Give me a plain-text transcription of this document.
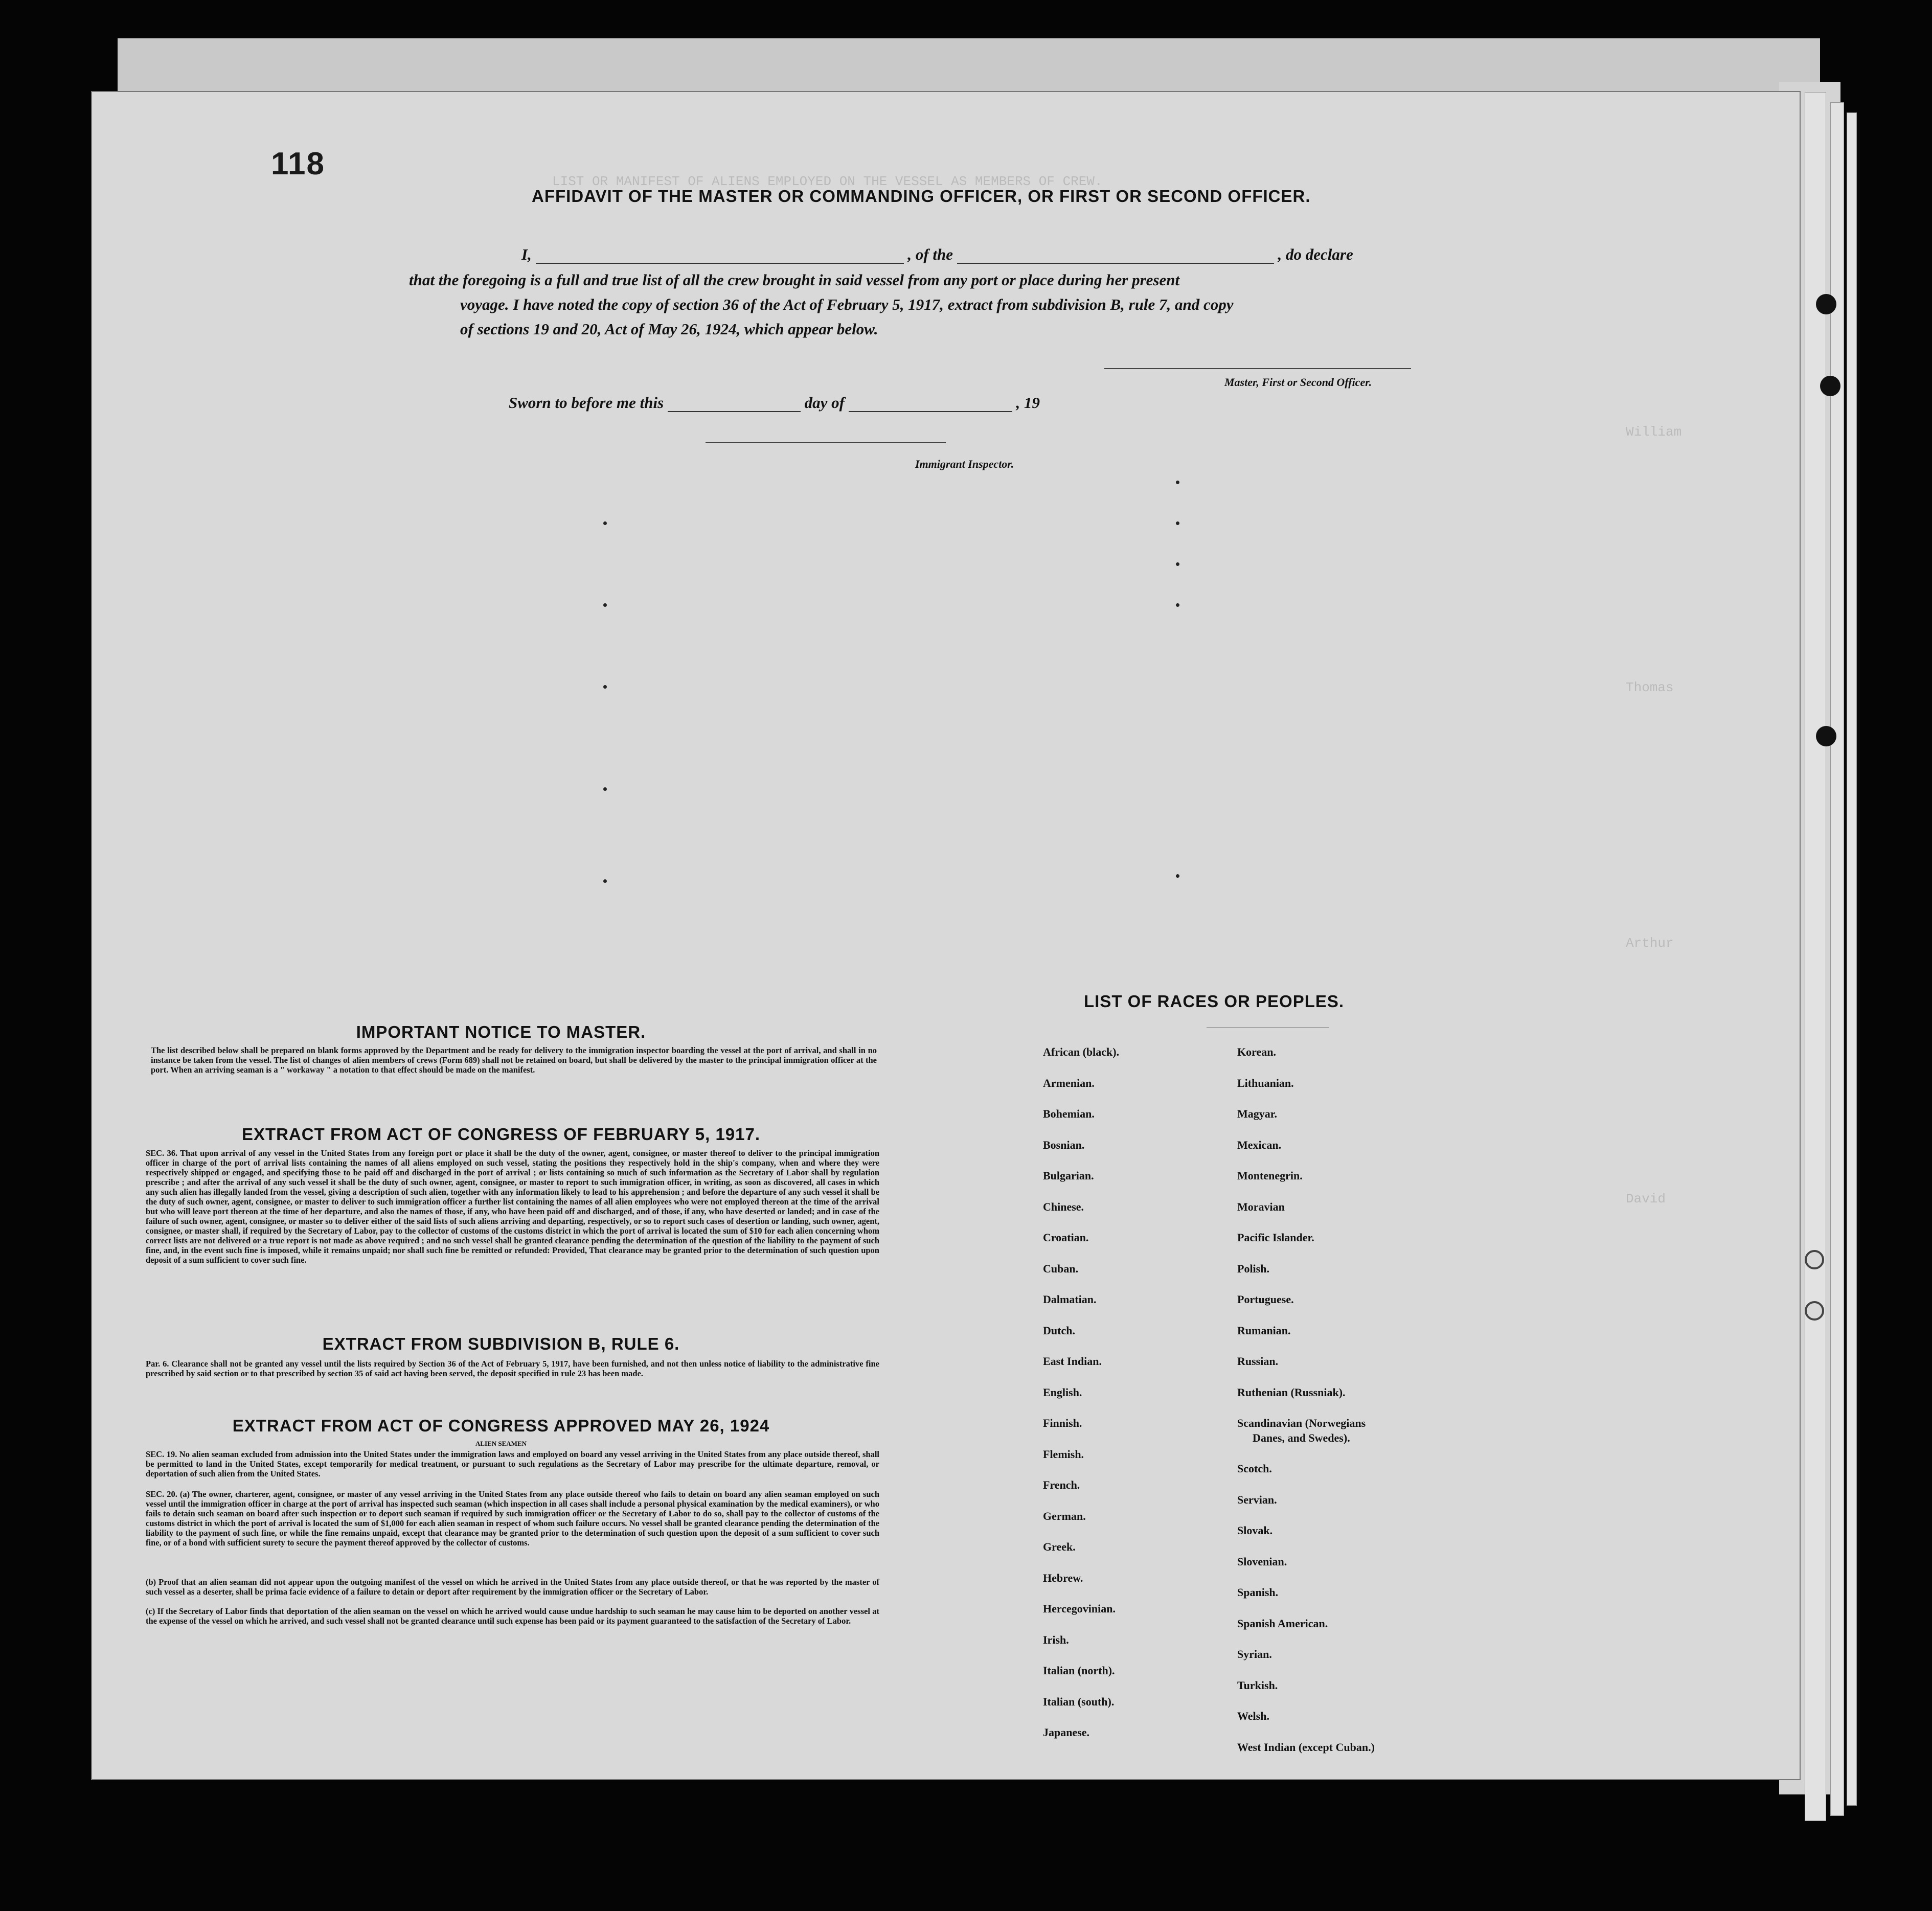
LIST OR MANIFEST OF ALIENS EMPLOYED ON THE VESSEL AS MEMBERS OF CREW.
William
Thomas
Arthur
David
118
AFFIDAVIT OF THE MASTER OR COMMANDING OFFICER, OR FIRST OR SECOND OFFICER.
I,	, of the	, do declare
that the foregoing is a full and true list of all the crew brought in said vessel from any port or place during her present
voyage. I have noted the copy of section 36 of the Act of February 5, 1917, extract from subdivision B, rule 7, and copy
of sections 19 and 20, Act of May 26, 1924, which appear below.
Master, First or Second Officer.
Sworn to before me this	day of	, 19
Immigrant Inspector.
IMPORTANT NOTICE TO MASTER.
The list described below shall be prepared on blank forms approved by the Department and be ready for delivery to the immigration inspector boarding the vessel at the port of arrival, and shall in no instance be taken from the vessel. The list of changes of alien members of crews (Form 689) shall not be retained on board, but shall be delivered by the master to the principal immigration officer at the port. When an arriving seaman is a " workaway " a notation to that effect should be made on the manifest.
EXTRACT FROM ACT OF CONGRESS OF FEBRUARY 5, 1917.
SEC. 36. That upon arrival of any vessel in the United States from any foreign port or place it shall be the duty of the owner, agent, consignee, or master thereof to deliver to the principal immigration officer in charge of the port of arrival lists containing the names of all aliens employed on such vessel, stating the positions they respectively hold in the ship's company, when and where they were respectively shipped or engaged, and specifying those to be paid off and discharged in the port of arrival ; or lists containing so much of such information as the Secretary of Labor shall by regulation prescribe ; and after the arrival of any such vessel it shall be the duty of such owner, agent, consignee, or master to report to such immigration officer, in writing, as soon as discovered, all cases in which any such alien has illegally landed from the vessel, giving a description of such alien, together with any information likely to lead to his apprehension ; and before the departure of any such vessel it shall be the duty of such owner, agent, consignee, or master to deliver to such immigration officer a further list containing the names of all alien employees who were not employed thereon at the time of the arrival but who will leave port thereon at the time of her departure, and also the names of those, if any, who have been paid off and discharged, and of those, if any, who have deserted or landed; and in case of the failure of such owner, agent, consignee, or master so to deliver either of the said lists of such aliens arriving and departing, respectively, or so to report such cases of desertion or landing, such owner, agent, consignee, or master shall, if required by the Secretary of Labor, pay to the collector of customs of the customs district in which the port of arrival is located the sum of $10 for each alien concerning whom correct lists are not delivered or a true report is not made as above required ; and no such vessel shall be granted clearance pending the determination of the question of the liability to the payment of such fine, and, in the event such fine is imposed, while it remains unpaid; nor shall such fine be remitted or refunded: Provided, That clearance may be granted prior to the determination of such question upon deposit of a sum sufficient to cover such fine.
EXTRACT FROM SUBDIVISION B, RULE 6.
Par. 6. Clearance shall not be granted any vessel until the lists required by Section 36 of the Act of February 5, 1917, have been furnished, and not then unless notice of liability to the administrative fine prescribed by said section or to that prescribed by section 35 of said act having been served, the deposit specified in rule 23 has been made.
EXTRACT FROM ACT OF CONGRESS APPROVED MAY 26, 1924
ALIEN SEAMEN
SEC. 19. No alien seaman excluded from admission into the United States under the immigration laws and employed on board any vessel arriving in the United States from any place outside thereof, shall be permitted to land in the United States, except temporarily for medical treatment, or pursuant to such regulations as the Secretary of Labor may prescribe for the ultimate departure, removal, or deportation of such alien from the United States.
SEC. 20. (a) The owner, charterer, agent, consignee, or master of any vessel arriving in the United States from any place outside thereof who fails to detain on board any alien seaman employed on such vessel until the immigration officer in charge at the port of arrival has inspected such seaman (which inspection in all cases shall include a personal physical examination by the medical examiners), or who fails to detain such seaman on board after such inspection or to deport such seaman if required by such immigration officer or the Secretary of Labor to do so, shall pay to the collector of customs of the customs district in which the port of arrival is located the sum of $1,000 for each alien seaman in respect of whom such failure occurs. No vessel shall be granted clearance pending the determination of the liability to the payment of such fine, or while the fine remains unpaid, except that clearance may be granted prior to the determination of such question upon the deposit of a sum sufficient to cover such fine, or of a bond with sufficient surety to secure the payment thereof approved by the collector of customs.
(b) Proof that an alien seaman did not appear upon the outgoing manifest of the vessel on which he arrived in the United States from any place outside thereof, or that he was reported by the master of such vessel as a deserter, shall be prima facie evidence of a failure to detain or deport after requirement by the immigration officer or the Secretary of Labor.
(c) If the Secretary of Labor finds that deportation of the alien seaman on the vessel on which he arrived would cause undue hardship to such seaman he may cause him to be deported on another vessel at the expense of the vessel on which he arrived, and such vessel shall not be granted clearance until such expense has been paid or its payment guaranteed to the satisfaction of the Secretary of Labor.
LIST OF RACES OR PEOPLES.
African (black).
Armenian.
Bohemian.
Bosnian.
Bulgarian.
Chinese.
Croatian.
Cuban.
Dalmatian.
Dutch.
East Indian.
English.
Finnish.
Flemish.
French.
German.
Greek.
Hebrew.
Hercegovinian.
Irish.
Italian (north).
Italian (south).
Japanese.
Korean.
Lithuanian.
Magyar.
Mexican.
Montenegrin.
Moravian
Pacific Islander.
Polish.
Portuguese.
Rumanian.
Russian.
Ruthenian (Russniak).
Scandinavian (Norwegians
Danes, and Swedes).
Scotch.
Servian.
Slovak.
Slovenian.
Spanish.
Spanish American.
Syrian.
Turkish.
Welsh.
West Indian (except Cuban.)
